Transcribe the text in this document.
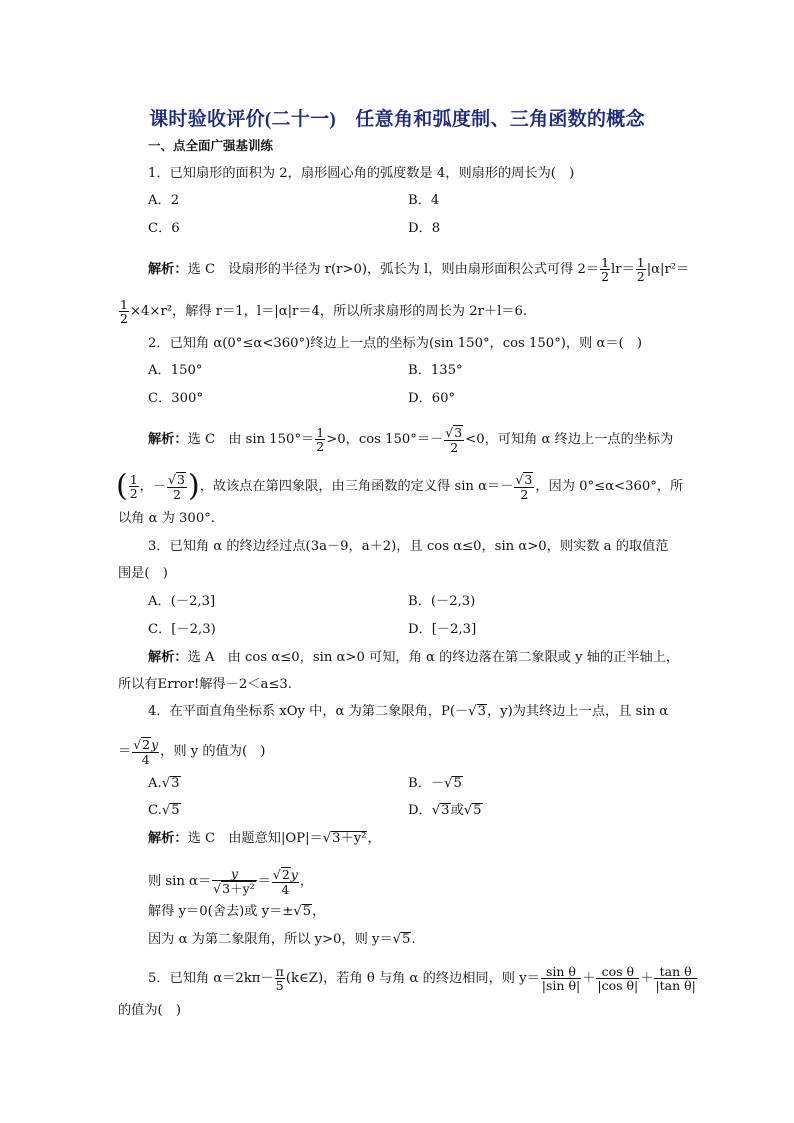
课时验收评价(二十一)　任意角和弧度制、三角函数的概念
一、点全面广强基训练
1．已知扇形的面积为 2，扇形圆心角的弧度数是 4，则扇形的周长为(　)
A．2	B．4
C．6	D．8
解析：选 C　设扇形的半径为 r(r>0)，弧长为 l，则由扇形面积公式可得 $2= \frac{1}{2} lr= \frac{1}{2} |\alpha|r^2=$
$\frac{1}{2} \times 4\times r^2$，解得 r＝1，l＝|α|r＝4，所以所求扇形的周长为 2r＋l＝6.
2．已知角 α(0°≤α<360°)终边上一点的坐标为(sin 150°，cos 150°)，则 α＝(　)
A．150°	B．135°
C．300°	D．60°
解析：选 C　由 $\sin 150^\circ= \frac{1}{2} >0$，$\cos 150^\circ=- \frac{√3}{2} <0$，可知角 α 终边上一点的坐标为
( $\frac{1}{2}$ ，－ $\frac{√3}{2}$ )，故该点在第四象限，由三角函数的定义得 $\sin \alpha=- \frac{√3}{2}$ ，因为 0°≤α<360°，所
以角 α 为 300°.
3．已知角 α 的终边经过点(3a－9，a＋2)，且 cos α≤0，sin α>0，则实数 a 的取值范
围是(　)
A．(－2,3]	B．(－2,3)
C．[－2,3)	D．[－2,3]
解析：选 A　由 cos α≤0，sin α>0 可知，角 α 的终边落在第二象限或 y 轴的正半轴上，
所以有Error!解得－2＜a≤3.
4．在平面直角坐标系 xOy 中，α 为第二象限角，P(－√3，y)为其终边上一点，且 sin α
＝ $\frac{√2y}{4}$ ，则 y 的值为(　)
A.√3	B．－√5
C.√5	D．√3或√5
解析：选 C　由题意知|OP|＝√3＋y²，
则 $\sin \alpha= \frac{y}{\text{√3＋y²}} = \frac{√2y}{4}$ ，
解得 y＝0(舍去)或 y＝±√5，
因为 α 为第二象限角，所以 y>0，则 y＝√5.
5．已知角 $\alpha=2k\pi- \frac{\pi}{5}$ (k∈Z)，若角 θ 与角 α 的终边相同，则 $y= \frac{\text{sin θ}}{\text{|sin θ|}} + \frac{\text{cos θ}}{\text{|cos θ|}} + \frac{\text{tan θ}}{\text{|tan θ|}}$
的值为(　)
